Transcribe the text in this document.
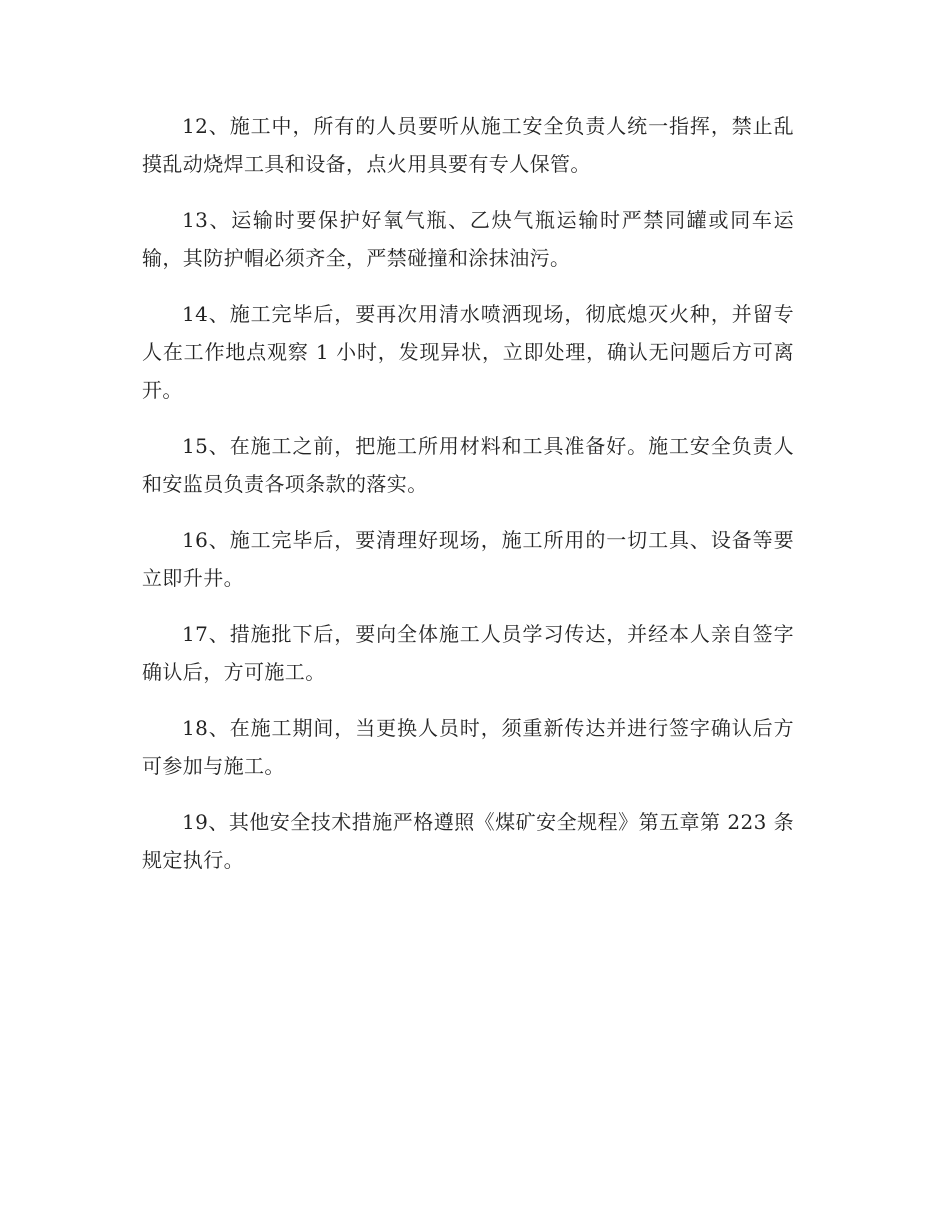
12、施工中，所有的人员要听从施工安全负责人统一指挥，禁止乱摸乱动烧焊工具和设备，点火用具要有专人保管。

13、运输时要保护好氧气瓶、乙炔气瓶运输时严禁同罐或同车运输，其防护帽必须齐全，严禁碰撞和涂抹油污。

14、施工完毕后，要再次用清水喷洒现场，彻底熄灭火种，并留专人在工作地点观察 1 小时，发现异状，立即处理，确认无问题后方可离开。

15、在施工之前，把施工所用材料和工具准备好。施工安全负责人和安监员负责各项条款的落实。

16、施工完毕后，要清理好现场，施工所用的一切工具、设备等要立即升井。

17、措施批下后，要向全体施工人员学习传达，并经本人亲自签字确认后，方可施工。

18、在施工期间，当更换人员时，须重新传达并进行签字确认后方可参加与施工。

19、其他安全技术措施严格遵照《煤矿安全规程》第五章第 223 条规定执行。
